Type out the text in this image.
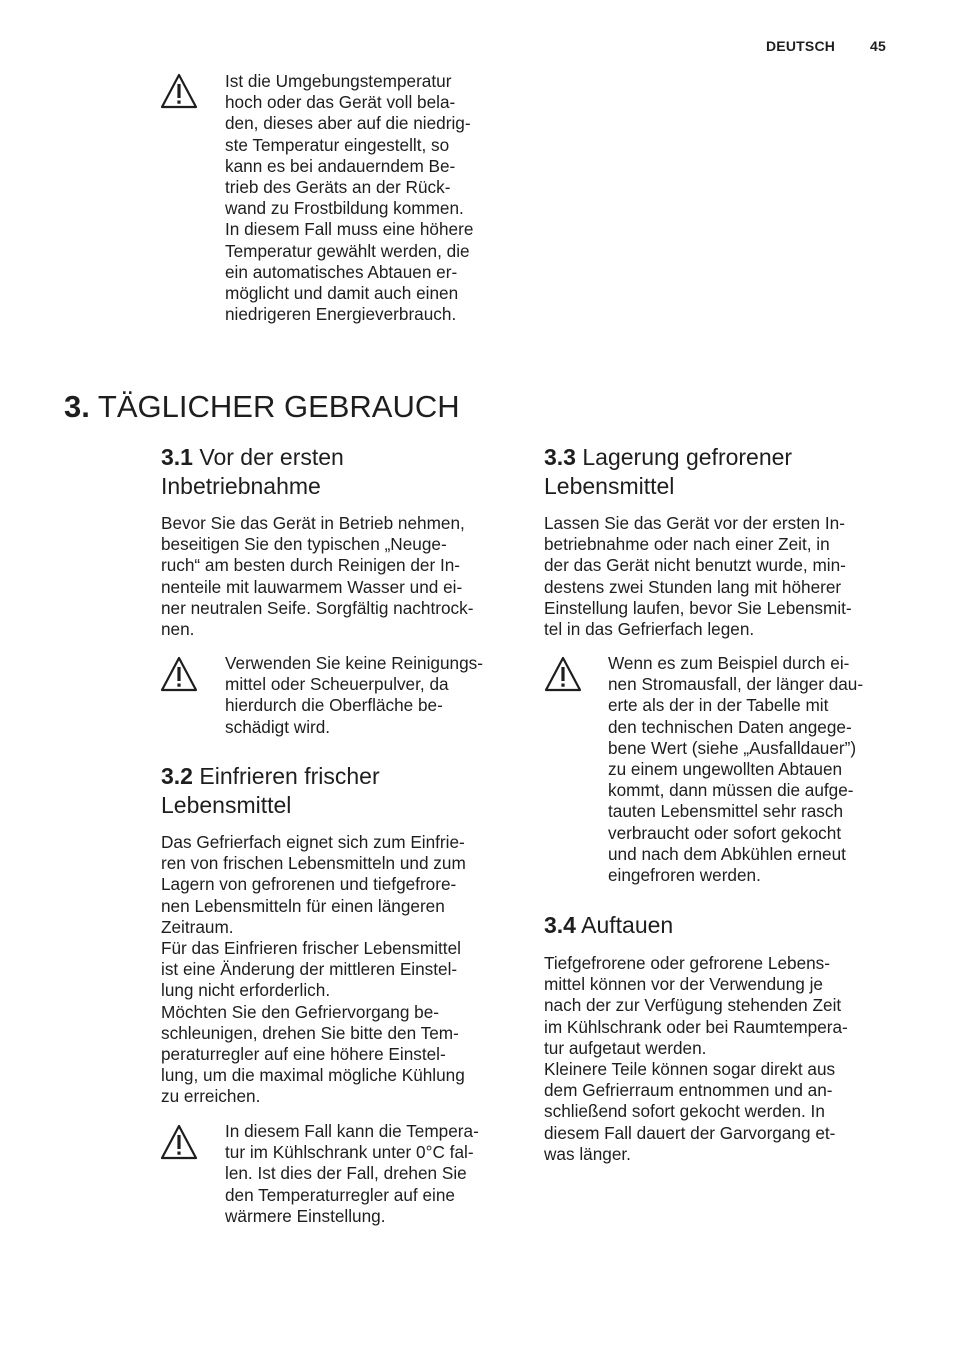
DEUTSCH 45
Ist die Umgebungstemperatur
hoch oder das Gerät voll bela-
den, dieses aber auf die niedrig-
ste Temperatur eingestellt, so
kann es bei andauerndem Be-
trieb des Geräts an der Rück-
wand zu Frostbildung kommen.
In diesem Fall muss eine höhere
Temperatur gewählt werden, die
ein automatisches Abtauen er-
möglicht und damit auch einen
niedrigeren Energieverbrauch.
3. TÄGLICHER GEBRAUCH
3.1 Vor der ersten
Inbetriebnahme
Bevor Sie das Gerät in Betrieb nehmen,
beseitigen Sie den typischen „Neuge-
ruch“ am besten durch Reinigen der In-
nenteile mit lauwarmem Wasser und ei-
ner neutralen Seife. Sorgfältig nachtrock-
nen.
Verwenden Sie keine Reinigungs-
mittel oder Scheuerpulver, da
hierdurch die Oberfläche be-
schädigt wird.
3.2 Einfrieren frischer
Lebensmittel
Das Gefrierfach eignet sich zum Einfrie-
ren von frischen Lebensmitteln und zum
Lagern von gefrorenen und tiefgefrore-
nen Lebensmitteln für einen längeren
Zeitraum.
Für das Einfrieren frischer Lebensmittel
ist eine Änderung der mittleren Einstel-
lung nicht erforderlich.
Möchten Sie den Gefriervorgang be-
schleunigen, drehen Sie bitte den Tem-
peraturregler auf eine höhere Einstel-
lung, um die maximal mögliche Kühlung
zu erreichen.
In diesem Fall kann die Tempera-
tur im Kühlschrank unter 0°C fal-
len. Ist dies der Fall, drehen Sie
den Temperaturregler auf eine
wärmere Einstellung.
3.3 Lagerung gefrorener
Lebensmittel
Lassen Sie das Gerät vor der ersten In-
betriebnahme oder nach einer Zeit, in
der das Gerät nicht benutzt wurde, min-
destens zwei Stunden lang mit höherer
Einstellung laufen, bevor Sie Lebensmit-
tel in das Gefrierfach legen.
Wenn es zum Beispiel durch ei-
nen Stromausfall, der länger dau-
erte als der in der Tabelle mit
den technischen Daten angege-
bene Wert (siehe „Ausfalldauer”)
zu einem ungewollten Abtauen
kommt, dann müssen die aufge-
tauten Lebensmittel sehr rasch
verbraucht oder sofort gekocht
und nach dem Abkühlen erneut
eingefroren werden.
3.4 Auftauen
Tiefgefrorene oder gefrorene Lebens-
mittel können vor der Verwendung je
nach der zur Verfügung stehenden Zeit
im Kühlschrank oder bei Raumtempera-
tur aufgetaut werden.
Kleinere Teile können sogar direkt aus
dem Gefrierraum entnommen und an-
schließend sofort gekocht werden. In
diesem Fall dauert der Garvorgang et-
was länger.
